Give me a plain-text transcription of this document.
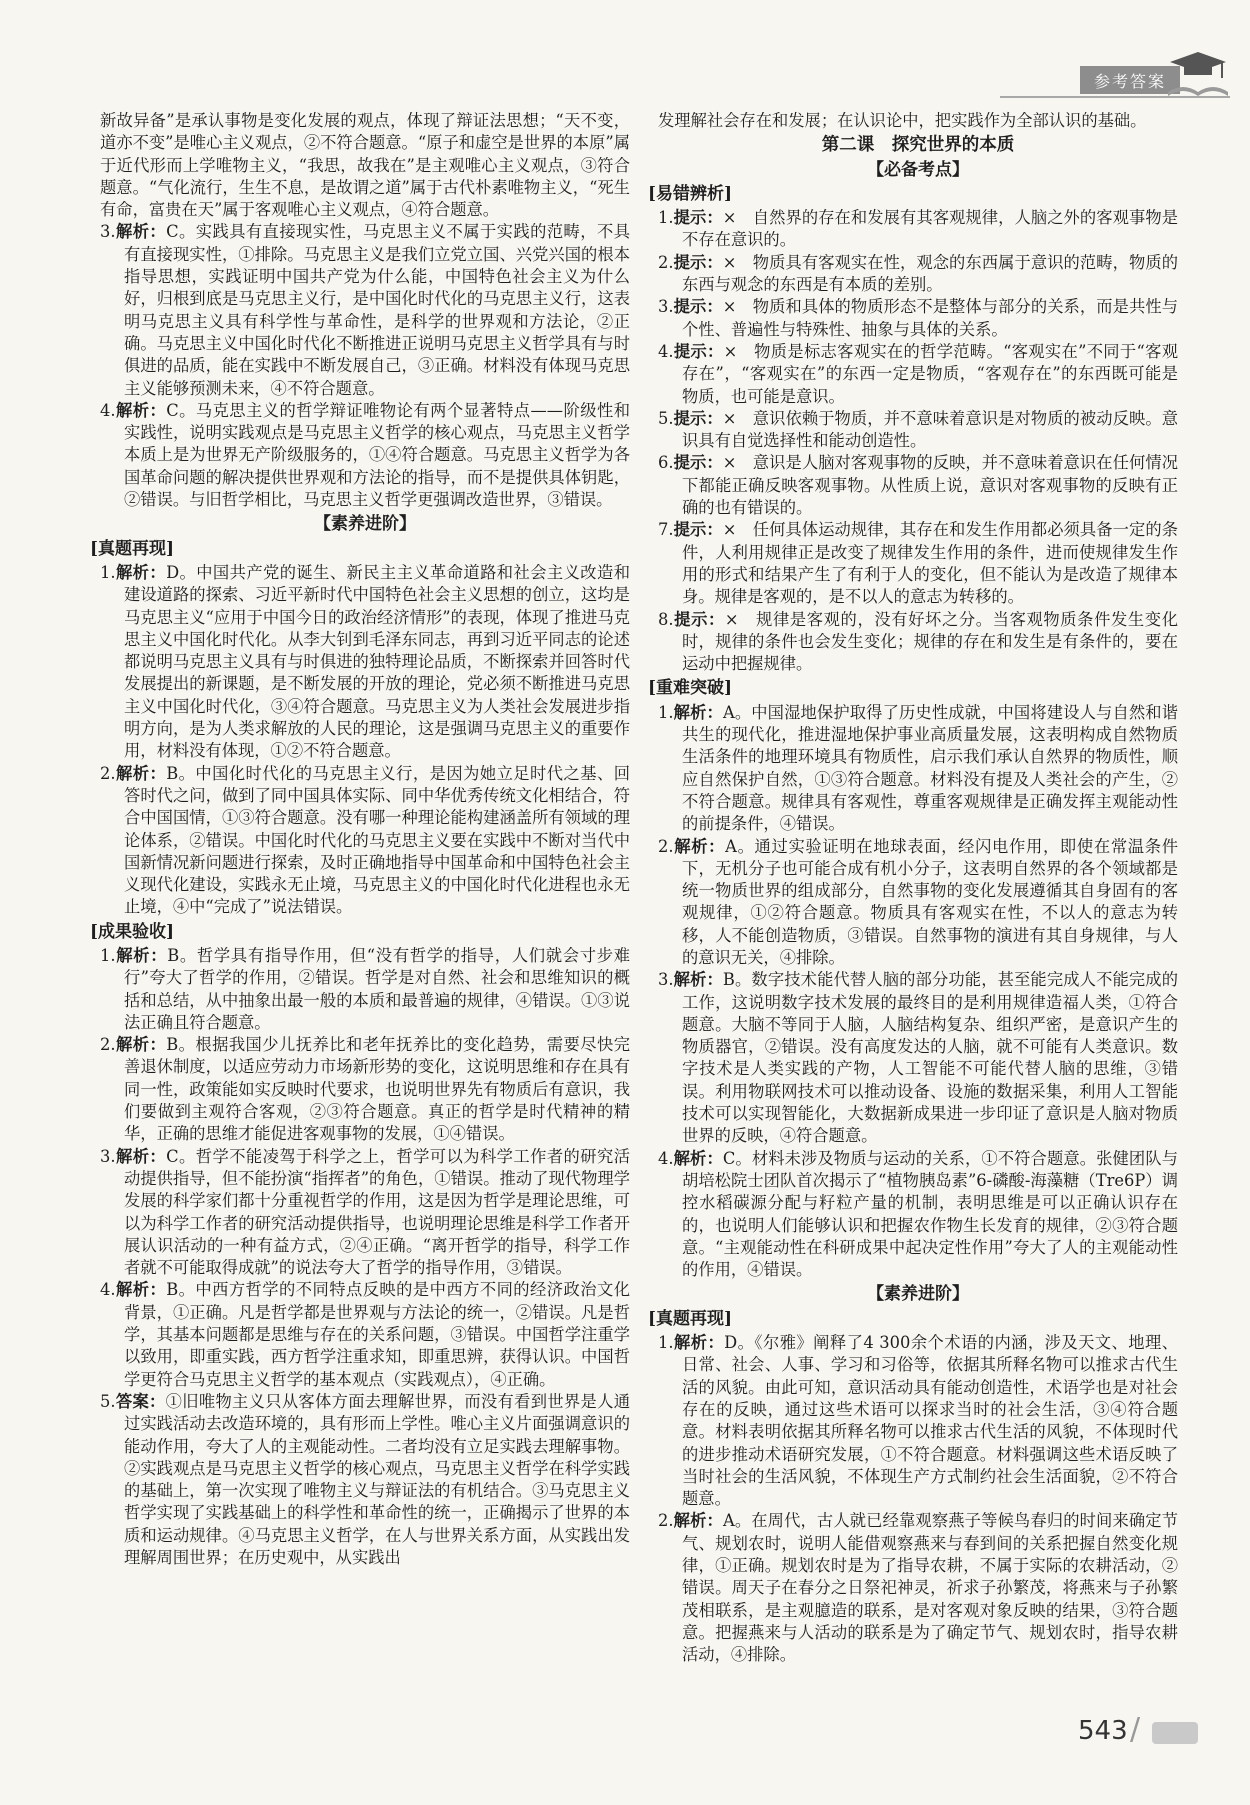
参考答案
新故异备”是承认事物是变化发展的观点，体现了辩证法思想；“天不变，道亦不变”是唯心主义观点，②不符合题意。“原子和虚空是世界的本原”属于近代形而上学唯物主义，“我思，故我在”是主观唯心主义观点，③符合题意。“气化流行，生生不息，是故谓之道”属于古代朴素唯物主义，“死生有命，富贵在天”属于客观唯心主义观点，④符合题意。

3.解析：C。实践具有直接现实性，马克思主义不属于实践的范畴，不具有直接现实性，①排除。马克思主义是我们立党立国、兴党兴国的根本指导思想，实践证明中国共产党为什么能，中国特色社会主义为什么好，归根到底是马克思主义行，是中国化时代化的马克思主义行，这表明马克思主义具有科学性与革命性，是科学的世界观和方法论，②正确。马克思主义中国化时代化不断推进正说明马克思主义哲学具有与时俱进的品质，能在实践中不断发展自己，③正确。材料没有体现马克思主义能够预测未来，④不符合题意。

4.解析：C。马克思主义的哲学辩证唯物论有两个显著特点——阶级性和实践性，说明实践观点是马克思主义哲学的核心观点，马克思主义哲学本质上是为世界无产阶级服务的，①④符合题意。马克思主义哲学为各国革命问题的解决提供世界观和方法论的指导，而不是提供具体钥匙，②错误。与旧哲学相比，马克思主义哲学更强调改造世界，③错误。

【素养进阶】
[真题再现]

1.解析：D。中国共产党的诞生、新民主主义革命道路和社会主义改造和建设道路的探索、习近平新时代中国特色社会主义思想的创立，这均是马克思主义“应用于中国今日的政治经济情形”的表现，体现了推进马克思主义中国化时代化。从李大钊到毛泽东同志，再到习近平同志的论述都说明马克思主义具有与时俱进的独特理论品质，不断探索并回答时代发展提出的新课题，是不断发展的开放的理论，党必须不断推进马克思主义中国化时代化，③④符合题意。马克思主义为人类社会发展进步指明方向，是为人类求解放的人民的理论，这是强调马克思主义的重要作用，材料没有体现，①②不符合题意。

2.解析：B。中国化时代化的马克思主义行，是因为她立足时代之基、回答时代之问，做到了同中国具体实际、同中华优秀传统文化相结合，符合中国国情，①③符合题意。没有哪一种理论能构建涵盖所有领域的理论体系，②错误。中国化时代化的马克思主义要在实践中不断对当代中国新情况新问题进行探索，及时正确地指导中国革命和中国特色社会主义现代化建设，实践永无止境，马克思主义的中国化时代化进程也永无止境，④中“完成了”说法错误。

[成果验收]

1.解析：B。哲学具有指导作用，但“没有哲学的指导，人们就会寸步难行”夸大了哲学的作用，②错误。哲学是对自然、社会和思维知识的概括和总结，从中抽象出最一般的本质和最普遍的规律，④错误。①③说法正确且符合题意。

2.解析：B。根据我国少儿抚养比和老年抚养比的变化趋势，需要尽快完善退休制度，以适应劳动力市场新形势的变化，这说明思维和存在具有同一性，政策能如实反映时代要求，也说明世界先有物质后有意识，我们要做到主观符合客观，②③符合题意。真正的哲学是时代精神的精华，正确的思维才能促进客观事物的发展，①④错误。

3.解析：C。哲学不能凌驾于科学之上，哲学可以为科学工作者的研究活动提供指导，但不能扮演“指挥者”的角色，①错误。推动了现代物理学发展的科学家们都十分重视哲学的作用，这是因为哲学是理论思维，可以为科学工作者的研究活动提供指导，也说明理论思维是科学工作者开展认识活动的一种有益方式，②④正确。“离开哲学的指导，科学工作者就不可能取得成就”的说法夸大了哲学的指导作用，③错误。

4.解析：B。中西方哲学的不同特点反映的是中西方不同的经济政治文化背景，①正确。凡是哲学都是世界观与方法论的统一，②错误。凡是哲学，其基本问题都是思维与存在的关系问题，③错误。中国哲学注重学以致用，即重实践，西方哲学注重求知，即重思辨，获得认识。中国哲学更符合马克思主义哲学的基本观点（实践观点），④正确。

5.答案：①旧唯物主义只从客体方面去理解世界，而没有看到世界是人通过实践活动去改造环境的，具有形而上学性。唯心主义片面强调意识的能动作用，夸大了人的主观能动性。二者均没有立足实践去理解事物。②实践观点是马克思主义哲学的核心观点，马克思主义哲学在科学实践的基础上，第一次实现了唯物主义与辩证法的有机结合。③马克思主义哲学实现了实践基础上的科学性和革命性的统一，正确揭示了世界的本质和运动规律。④马克思主义哲学，在人与世界关系方面，从实践出发理解周围世界；在历史观中，从实践出

发理解社会存在和发展；在认识论中，把实践作为全部认识的基础。
第二课　探究世界的本质
【必备考点】
[易错辨析]

1.提示：×　自然界的存在和发展有其客观规律，人脑之外的客观事物是不存在意识的。

2.提示：×　物质具有客观实在性，观念的东西属于意识的范畴，物质的东西与观念的东西是有本质的差别。

3.提示：×　物质和具体的物质形态不是整体与部分的关系，而是共性与个性、普遍性与特殊性、抽象与具体的关系。

4.提示：×　物质是标志客观实在的哲学范畴。“客观实在”不同于“客观存在”，“客观实在”的东西一定是物质，“客观存在”的东西既可能是物质，也可能是意识。

5.提示：×　意识依赖于物质，并不意味着意识是对物质的被动反映。意识具有自觉选择性和能动创造性。

6.提示：×　意识是人脑对客观事物的反映，并不意味着意识在任何情况下都能正确反映客观事物。从性质上说，意识对客观事物的反映有正确的也有错误的。

7.提示：×　任何具体运动规律，其存在和发生作用都必须具备一定的条件，人利用规律正是改变了规律发生作用的条件，进而使规律发生作用的形式和结果产生了有利于人的变化，但不能认为是改造了规律本身。规律是客观的，是不以人的意志为转移的。

8.提示：×　规律是客观的，没有好坏之分。当客观物质条件发生变化时，规律的条件也会发生变化；规律的存在和发生是有条件的，要在运动中把握规律。

[重难突破]

1.解析：A。中国湿地保护取得了历史性成就，中国将建设人与自然和谐共生的现代化，推进湿地保护事业高质量发展，这表明构成自然物质生活条件的地理环境具有物质性，启示我们承认自然界的物质性，顺应自然保护自然，①③符合题意。材料没有提及人类社会的产生，②不符合题意。规律具有客观性，尊重客观规律是正确发挥主观能动性的前提条件，④错误。

2.解析：A。通过实验证明在地球表面，经闪电作用，即使在常温条件下，无机分子也可能合成有机小分子，这表明自然界的各个领域都是统一物质世界的组成部分，自然事物的变化发展遵循其自身固有的客观规律，①②符合题意。物质具有客观实在性，不以人的意志为转移，人不能创造物质，③错误。自然事物的演进有其自身规律，与人的意识无关，④排除。

3.解析：B。数字技术能代替人脑的部分功能，甚至能完成人不能完成的工作，这说明数字技术发展的最终目的是利用规律造福人类，①符合题意。大脑不等同于人脑，人脑结构复杂、组织严密，是意识产生的物质器官，②错误。没有高度发达的人脑，就不可能有人类意识。数字技术是人类实践的产物，人工智能不可能代替人脑的思维，③错误。利用物联网技术可以推动设备、设施的数据采集，利用人工智能技术可以实现智能化，大数据新成果进一步印证了意识是人脑对物质世界的反映，④符合题意。

4.解析：C。材料未涉及物质与运动的关系，①不符合题意。张健团队与胡培松院士团队首次揭示了“植物胰岛素”6-磷酸-海藻糖（Tre6P）调控水稻碳源分配与籽粒产量的机制，表明思维是可以正确认识存在的，也说明人们能够认识和把握农作物生长发育的规律，②③符合题意。“主观能动性在科研成果中起决定性作用”夸大了人的主观能动性的作用，④错误。

【素养进阶】
[真题再现]

1.解析：D。《尔雅》阐释了4 300余个术语的内涵，涉及天文、地理、日常、社会、人事、学习和习俗等，依据其所释名物可以推求古代生活的风貌。由此可知，意识活动具有能动创造性，术语学也是对社会存在的反映，通过这些术语可以探求当时的社会生活，③④符合题意。材料表明依据其所释名物可以推求古代生活的风貌，不体现时代的进步推动术语研究发展，①不符合题意。材料强调这些术语反映了当时社会的生活风貌，不体现生产方式制约社会生活面貌，②不符合题意。

2.解析：A。在周代，古人就已经靠观察燕子等候鸟春归的时间来确定节气、规划农时，说明人能借观察燕来与春到间的关系把握自然变化规律，①正确。规划农时是为了指导农耕，不属于实际的农耕活动，②错误。周天子在春分之日祭祀神灵，祈求子孙繁茂，将燕来与子孙繁茂相联系，是主观臆造的联系，是对客观对象反映的结果，③符合题意。把握燕来与人活动的联系是为了确定节气、规划农时，指导农耕活动，④排除。

543 /
